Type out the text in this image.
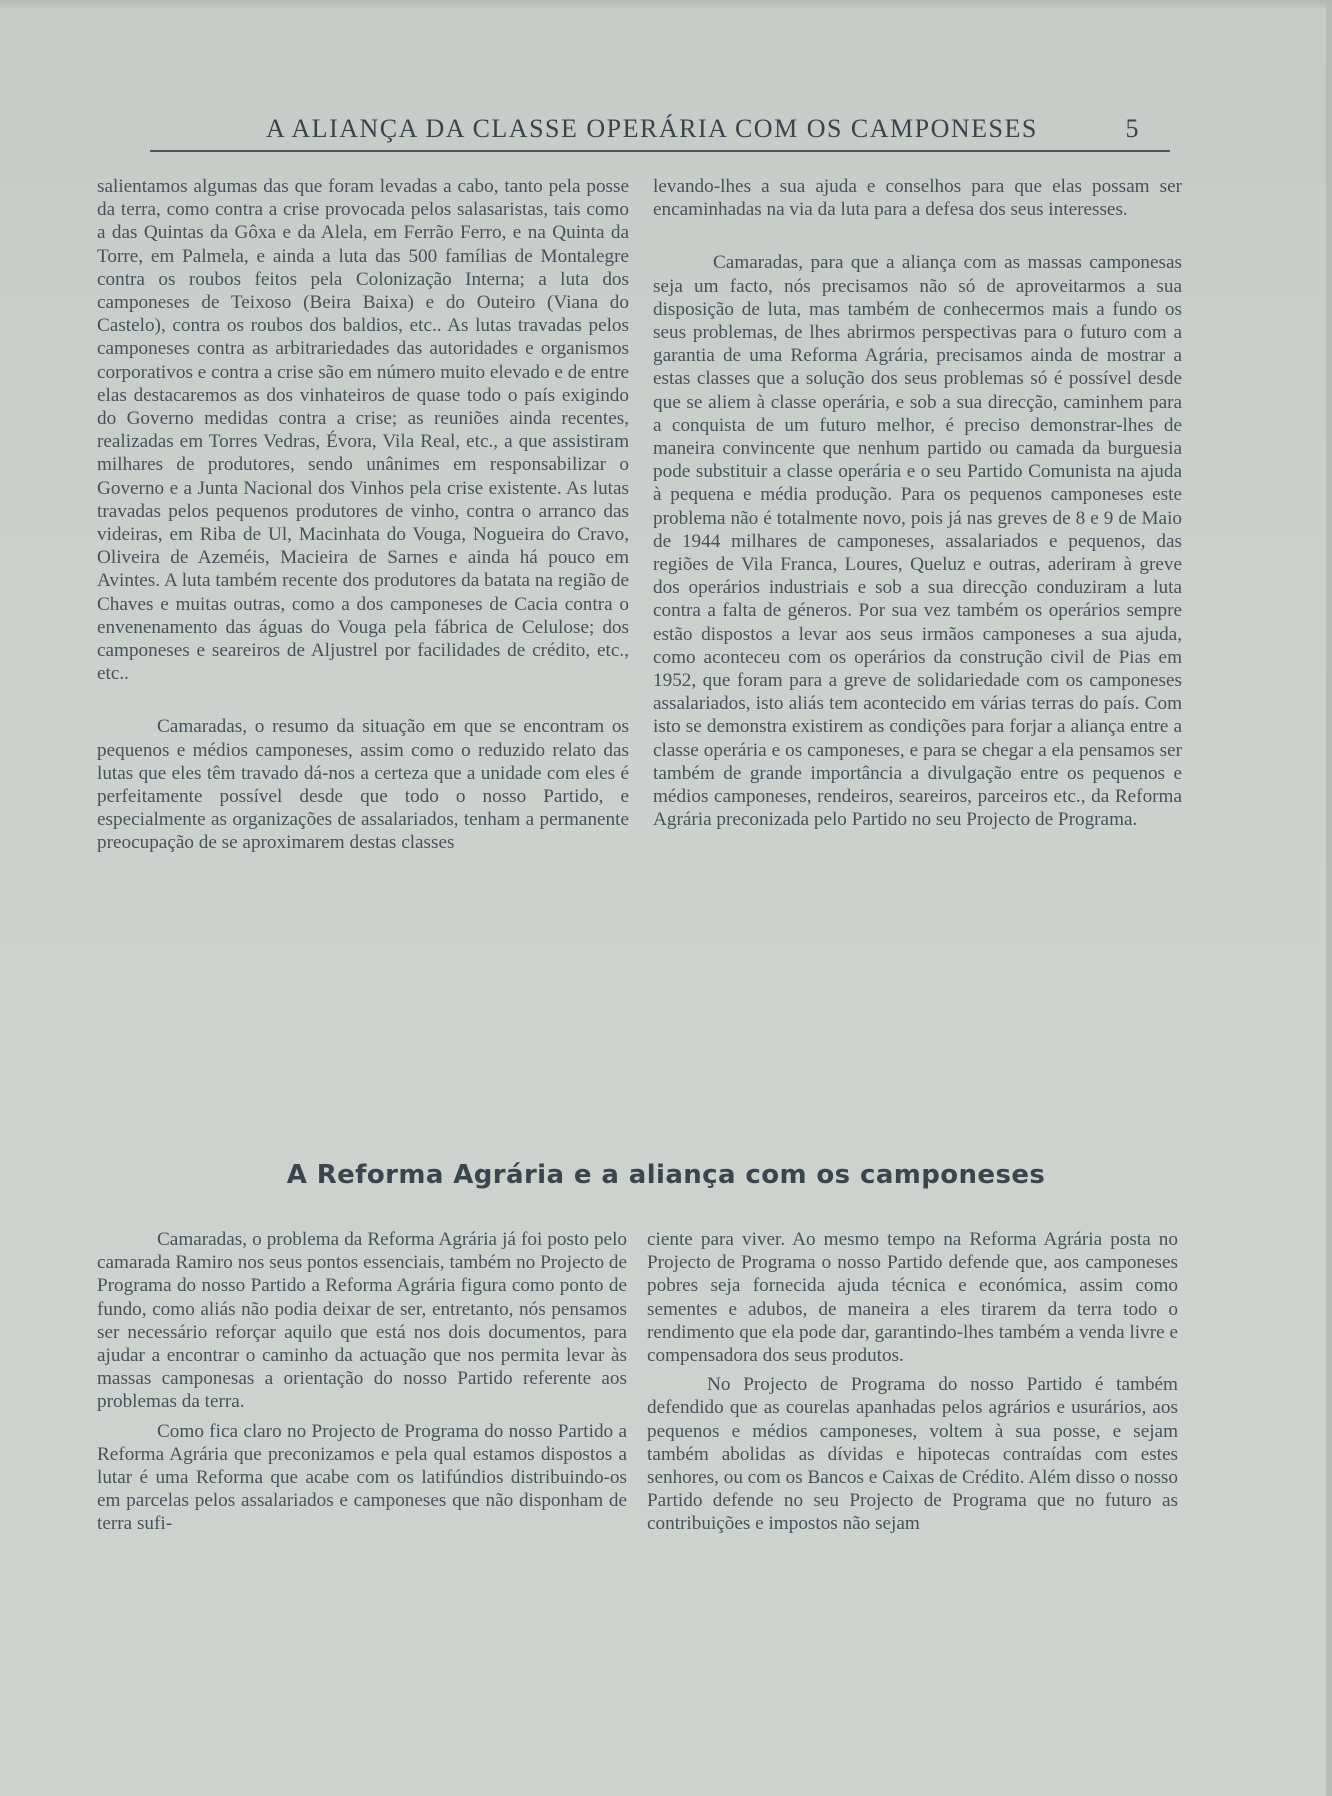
A ALIANÇA DA CLASSE OPERÁRIA COM OS CAMPONESES	5

salientamos algumas das que foram levadas a cabo, tanto pela posse da terra, como contra a crise provocada pelos salasaristas, tais como a das Quintas da Gôxa e da Alela, em Ferrão Ferro, e na Quinta da Torre, em Palmela, e ainda a luta das 500 famílias de Montalegre contra os roubos feitos pela Colonização Interna; a luta dos camponeses de Teixoso (Beira Baixa) e do Outeiro (Viana do Castelo), contra os roubos dos baldios, etc.. As lutas travadas pelos camponeses contra as arbitrariedades das autoridades e organismos corporativos e contra a crise são em número muito elevado e de entre elas destacaremos as dos vinhateiros de quase todo o país exigindo do Governo medidas contra a crise; as reuniões ainda recentes, realizadas em Torres Vedras, Évora, Vila Real, etc., a que assistiram milhares de produtores, sendo unânimes em responsabilizar o Governo e a Junta Nacional dos Vinhos pela crise existente. As lutas travadas pelos pequenos produtores de vinho, contra o arranco das videiras, em Riba de Ul, Macinhata do Vouga, Nogueira do Cravo, Oliveira de Azeméis, Macieira de Sarnes e ainda há pouco em Avintes. A luta também recente dos produtores da batata na região de Chaves e muitas outras, como a dos camponeses de Cacia contra o envenenamento das águas do Vouga pela fábrica de Celulose; dos camponeses e seareiros de Aljustrel por facilidades de crédito, etc., etc..

Camaradas, o resumo da situação em que se encontram os pequenos e médios camponeses, assim como o reduzido relato das lutas que eles têm travado dá-nos a certeza que a unidade com eles é perfeitamente possível desde que todo o nosso Partido, e especialmente as organizações de assalariados, tenham a permanente preocupação de se aproximarem destas classes

levando-lhes a sua ajuda e conselhos para que elas possam ser encaminhadas na via da luta para a defesa dos seus interesses.

Camaradas, para que a aliança com as massas camponesas seja um facto, nós precisamos não só de aproveitarmos a sua disposição de luta, mas também de conhecermos mais a fundo os seus problemas, de lhes abrirmos perspectivas para o futuro com a garantia de uma Reforma Agrária, precisamos ainda de mostrar a estas classes que a solução dos seus problemas só é possível desde que se aliem à classe operária, e sob a sua direcção, caminhem para a conquista de um futuro melhor, é preciso demonstrar-lhes de maneira convincente que nenhum partido ou camada da burguesia pode substituir a classe operária e o seu Partido Comunista na ajuda à pequena e média produção. Para os pequenos camponeses este problema não é totalmente novo, pois já nas greves de 8 e 9 de Maio de 1944 milhares de camponeses, assalariados e pequenos, das regiões de Vila Franca, Loures, Queluz e outras, aderiram à greve dos operários industriais e sob a sua direcção conduziram a luta contra a falta de géneros. Por sua vez também os operários sempre estão dispostos a levar aos seus irmãos camponeses a sua ajuda, como aconteceu com os operários da construção civil de Pias em 1952, que foram para a greve de solidariedade com os camponeses assalariados, isto aliás tem acontecido em várias terras do país. Com isto se demonstra existirem as condições para forjar a aliança entre a classe operária e os camponeses, e para se chegar a ela pensamos ser também de grande importância a divulgação entre os pequenos e médios camponeses, rendeiros, seareiros, parceiros etc., da Reforma Agrária preconizada pelo Partido no seu Projecto de Programa.

A Reforma Agrária e a aliança com os camponeses

Camaradas, o problema da Reforma Agrária já foi posto pelo camarada Ramiro nos seus pontos essenciais, também no Projecto de Programa do nosso Partido a Reforma Agrária figura como ponto de fundo, como aliás não podia deixar de ser, entretanto, nós pensamos ser necessário reforçar aquilo que está nos dois documentos, para ajudar a encontrar o caminho da actuação que nos permita levar às massas camponesas a orientação do nosso Partido referente aos problemas da terra.

Como fica claro no Projecto de Programa do nosso Partido a Reforma Agrária que preconizamos e pela qual estamos dispostos a lutar é uma Reforma que acabe com os latifúndios distribuindo-os em parcelas pelos assalariados e camponeses que não disponham de terra sufi-

ciente para viver. Ao mesmo tempo na Reforma Agrária posta no Projecto de Programa o nosso Partido defende que, aos camponeses pobres seja fornecida ajuda técnica e económica, assim como sementes e adubos, de maneira a eles tirarem da terra todo o rendimento que ela pode dar, garantindo-lhes também a venda livre e compensadora dos seus produtos.

No Projecto de Programa do nosso Partido é também defendido que as courelas apanhadas pelos agrários e usurários, aos pequenos e médios camponeses, voltem à sua posse, e sejam também abolidas as dívidas e hipotecas contraídas com estes senhores, ou com os Bancos e Caixas de Crédito. Além disso o nosso Partido defende no seu Projecto de Programa que no futuro as contribuições e impostos não sejam
